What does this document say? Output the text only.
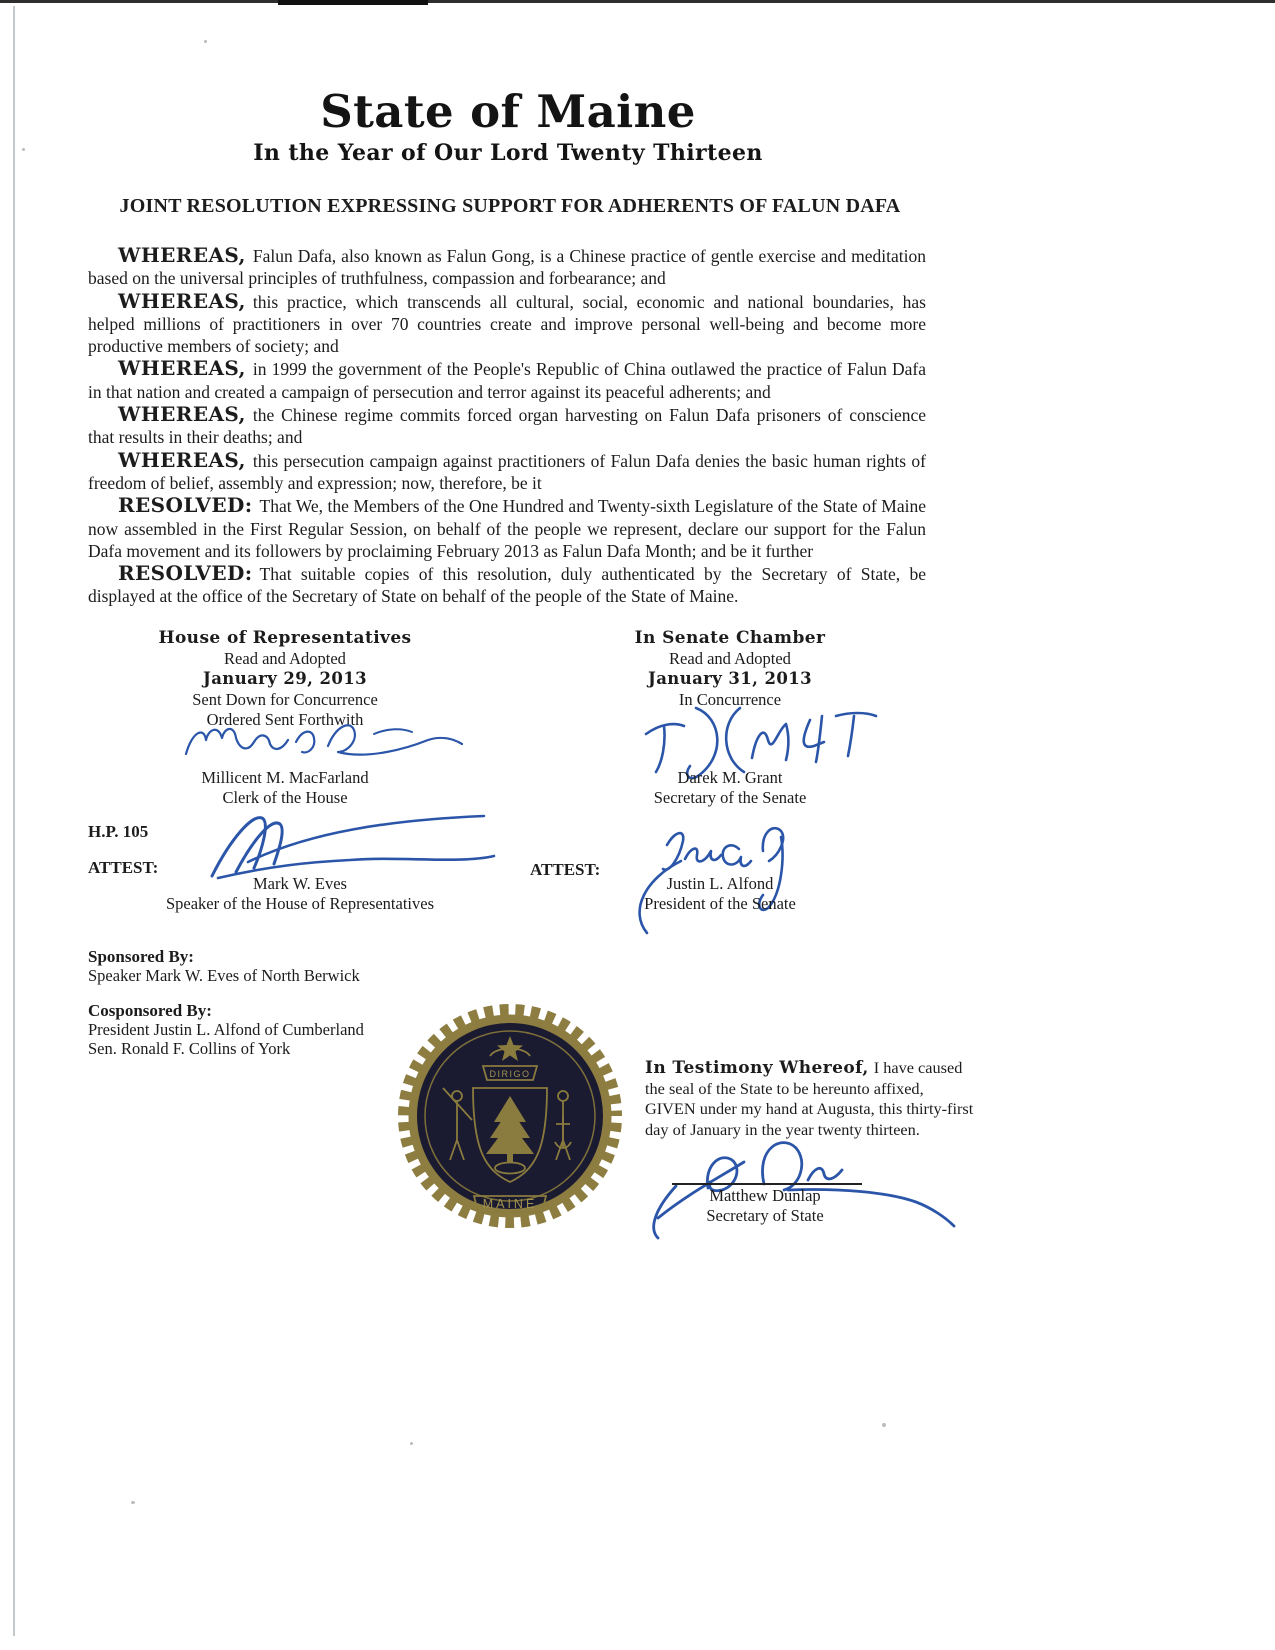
State of Maine
In the Year of Our Lord Twenty Thirteen
JOINT RESOLUTION EXPRESSING SUPPORT FOR ADHERENTS OF FALUN DAFA

WHEREAS, Falun Dafa, also known as Falun Gong, is a Chinese practice of gentle exercise and meditation based on the universal principles of truthfulness, compassion and forbearance; and

WHEREAS, this practice, which transcends all cultural, social, economic and national boundaries, has helped millions of practitioners in over 70 countries create and improve personal well-being and become more productive members of society; and

WHEREAS, in 1999 the government of the People's Republic of China outlawed the practice of Falun Dafa in that nation and created a campaign of persecution and terror against its peaceful adherents; and

WHEREAS, the Chinese regime commits forced organ harvesting on Falun Dafa prisoners of conscience that results in their deaths; and

WHEREAS, this persecution campaign against practitioners of Falun Dafa denies the basic human rights of freedom of belief, assembly and expression; now, therefore, be it

RESOLVED: That We, the Members of the One Hundred and Twenty-sixth Legislature of the State of Maine now assembled in the First Regular Session, on behalf of the people we represent, declare our support for the Falun Dafa movement and its followers by proclaiming February 2013 as Falun Dafa Month; and be it further

RESOLVED: That suitable copies of this resolution, duly authenticated by the Secretary of State, be displayed at the office of the Secretary of State on behalf of the people of the State of Maine.

House of Representatives
Read and Adopted
January 29, 2013
Sent Down for Concurrence
Ordered Sent Forthwith
Millicent M. MacFarland
Clerk of the House
In Senate Chamber
Read and Adopted
January 31, 2013
In Concurrence
Darek M. Grant
Secretary of the Senate
H.P. 105
ATTEST:
Mark W. Eves
Speaker of the House of Representatives
ATTEST:
Justin L. Alfond
President of the Senate
Sponsored By:
Speaker Mark W. Eves of North Berwick
Cosponsored By:
President Justin L. Alfond of Cumberland
Sen. Ronald F. Collins of York
DIRIGO
MAINE
In Testimony Whereof, I have caused the seal of the State to be hereunto affixed, GIVEN under my hand at Augusta, this thirty-first day of January in the year twenty thirteen.
Matthew Dunlap
Secretary of State
